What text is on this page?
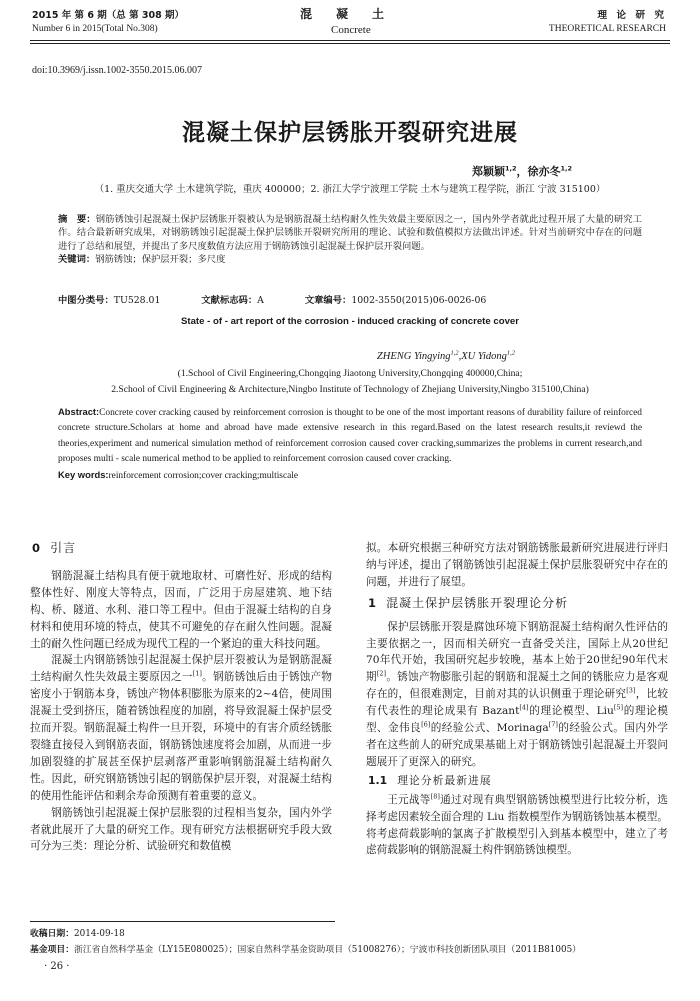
2015 年 第 6 期（总 第 308 期）
Number 6 in 2015(Total No.308)
混　　凝　　土
Concrete
理　论　研　究
THEORETICAL RESEARCH
doi:10.3969/j.issn.1002-3550.2015.06.007
混凝土保护层锈胀开裂研究进展
郑颖颖$^{1,2}$，徐亦冬$^{1,2}$
（1. 重庆交通大学 土木建筑学院，重庆 400000；2. 浙江大学宁波理工学院 土木与建筑工程学院，浙江 宁波 315100）
摘　要：钢筋锈蚀引起混凝土保护层锈胀开裂被认为是钢筋混凝土结构耐久性失效最主要原因之一，国内外学者就此过程开展了大量的研究工作。结合最新研究成果，对钢筋锈蚀引起混凝土保护层锈胀开裂研究所用的理论、试验和数值模拟方法做出评述。针对当前研究中存在的问题进行了总结和展望，并提出了多尺度数值方法应用于钢筋锈蚀引起混凝土保护层开裂问题。
关键词：钢筋锈蚀；保护层开裂；多尺度
中图分类号：TU528.01	文献标志码：A	文章编号：1002-3550(2015)06-0026-06
State - of - art report of the corrosion - induced cracking of concrete cover
ZHENG Yingying$^{1,2}$,XU Yidong$^{1,2}$
(1.School of Civil Engineering,Chongqing Jiaotong University,Chongqing 400000,China;
2.School of Civil Engineering & Architecture,Ningbo Institute of Technology of Zhejiang University,Ningbo 315100,China)
Abstract:Concrete cover cracking caused by reinforcement corrosion is thought to be one of the most important reasons of durability failure of reinforced concrete structure.Scholars at home and abroad have made extensive research in this regard.Based on the latest research results,it reviewd the theories,experiment and numerical simulation method of reinforcement corrosion caused cover cracking,summarizes the problems in current research,and proposes multi - scale numerical method to be applied to reinforcement corrosion caused cover cracking.
Key words:reinforcement corrosion;cover cracking;multiscale
0 引言

钢筋混凝土结构具有便于就地取材、可磨性好、形成的结构整体性好、刚度大等特点，因而，广泛用于房屋建筑、地下结构、桥、隧道、水利、港口等工程中。但由于混凝土结构的自身材料和使用环境的特点，使其不可避免的存在耐久性问题。混凝土的耐久性问题已经成为现代工程的一个紧迫的重大科技问题。

混凝土内钢筋锈蚀引起混凝土保护层开裂被认为是钢筋混凝土结构耐久性失效最主要原因之一[1]。钢筋锈蚀后由于锈蚀产物密度小于钢筋本身，锈蚀产物体积膨胀为原来的2~4倍，使周围混凝土受到挤压，随着锈蚀程度的加剧，将导致混凝土保护层受拉而开裂。钢筋混凝土构件一旦开裂，环境中的有害介质经锈胀裂缝直接侵入到钢筋表面，钢筋锈蚀速度将会加剧，从而进一步加剧裂缝的扩展甚至保护层剥落严重影响钢筋混凝土结构耐久性。因此，研究钢筋锈蚀引起的钢筋保护层开裂，对混凝土结构的使用性能评估和剩余寿命预测有着重要的意义。

钢筋锈蚀引起混凝土保护层胀裂的过程相当复杂，国内外学者就此展开了大量的研究工作。现有研究方法根据研究手段大致可分为三类：理论分析、试验研究和数值模

拟。本研究根据三种研究方法对钢筋锈胀最新研究进展进行评归纳与评述，提出了钢筋锈蚀引起混凝土保护层胀裂研究中存在的问题，并进行了展望。

1 混凝土保护层锈胀开裂理论分析

保护层锈胀开裂是腐蚀环境下钢筋混凝土结构耐久性评估的主要依据之一，因而相关研究一直备受关注，国际上从20世纪70年代开始，我国研究起步较晚，基本上始于20世纪90年代末期[2]。锈蚀产物膨胀引起的钢筋和混凝土之间的锈胀应力是客观存在的，但很难测定，目前对其的认识侧重于理论研究[3]，比较有代表性的理论成果有 Bazant[4]的理论模型、Liu[5]的理论模型、金伟良[6]的经验公式、Morinaga[7]的经验公式。国内外学者在这些前人的研究成果基础上对于钢筋锈蚀引起混凝土开裂问题展开了更深入的研究。

1.1 理论分析最新进展

王元战等[8]通过对现有典型钢筋锈蚀模型进行比较分析，选择考虑因素较全面合理的 Liu 指数模型作为钢筋锈蚀基本模型。将考虑荷载影响的氯离子扩散模型引入到基本模型中，建立了考虑荷载影响的钢筋混凝土构件钢筋锈蚀模型。

收稿日期：2014-09-18
基金项目：浙江省自然科学基金（LY15E080025）；国家自然科学基金资助项目（51008276）；宁波市科技创新团队项目（2011B81005）
· 26 ·
